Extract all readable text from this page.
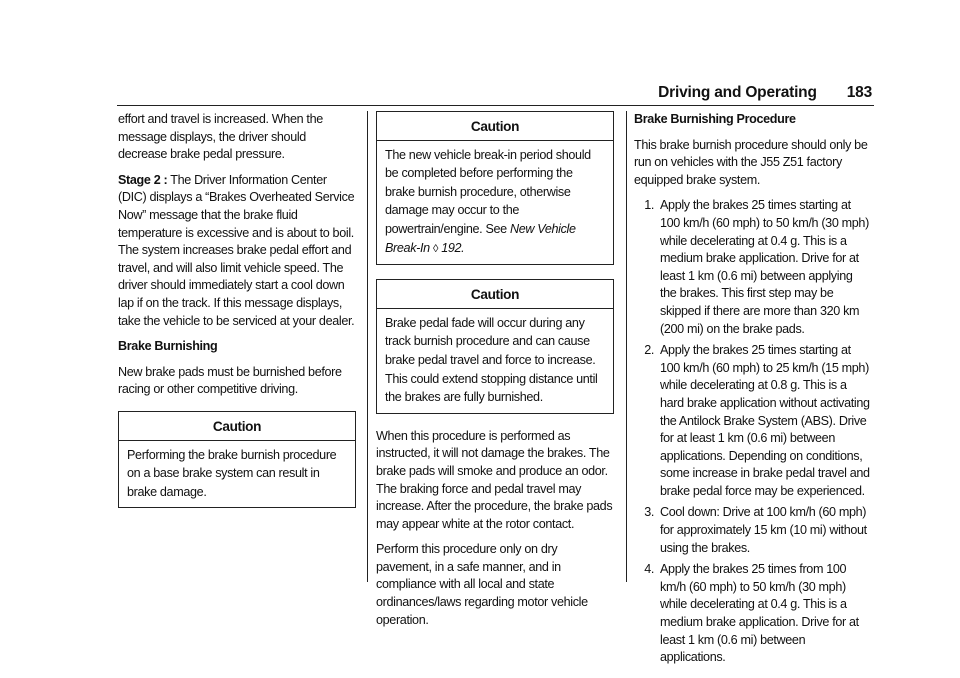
Driving and Operating 183

effort and travel is increased. When the message displays, the driver should decrease brake pedal pressure.

Stage 2 : The Driver Information Center (DIC) displays a “Brakes Overheated Service Now” message that the brake fluid temperature is excessive and is about to boil. The system increases brake pedal effort and travel, and will also limit vehicle speed. The driver should immediately start a cool down lap if on the track. If this message displays, take the vehicle to be serviced at your dealer.

Brake Burnishing

New brake pads must be burnished before racing or other competitive driving.

Caution
Performing the brake burnish procedure on a base brake system can result in brake damage.
Caution
The new vehicle break-in period should be completed before performing the brake burnish procedure, otherwise damage may occur to the powertrain/engine. See New Vehicle Break-In ◊ 192.
Caution
Brake pedal fade will occur during any track burnish procedure and can cause brake pedal travel and force to increase. This could extend stopping distance until the brakes are fully burnished.

When this procedure is performed as instructed, it will not damage the brakes. The brake pads will smoke and produce an odor. The braking force and pedal travel may increase. After the procedure, the brake pads may appear white at the rotor contact.

Perform this procedure only on dry pavement, in a safe manner, and in compliance with all local and state ordinances/laws regarding motor vehicle operation.

Brake Burnishing Procedure

This brake burnish procedure should only be run on vehicles with the J55 Z51 factory equipped brake system.

1. Apply the brakes 25 times starting at 100 km/h (60 mph) to 50 km/h (30 mph) while decelerating at 0.4 g. This is a medium brake application. Drive for at least 1 km (0.6 mi) between applying the brakes. This first step may be skipped if there are more than 320 km (200 mi) on the brake pads.
2. Apply the brakes 25 times starting at 100 km/h (60 mph) to 25 km/h (15 mph) while decelerating at 0.8 g. This is a hard brake application without activating the Antilock Brake System (ABS). Drive for at least 1 km (0.6 mi) between applications. Depending on conditions, some increase in brake pedal travel and brake pedal force may be experienced.
3. Cool down: Drive at 100 km/h (60 mph) for approximately 15 km (10 mi) without using the brakes.
4. Apply the brakes 25 times from 100 km/h (60 mph) to 50 km/h (30 mph) while decelerating at 0.4 g. This is a medium brake application. Drive for at least 1 km (0.6 mi) between applications.
